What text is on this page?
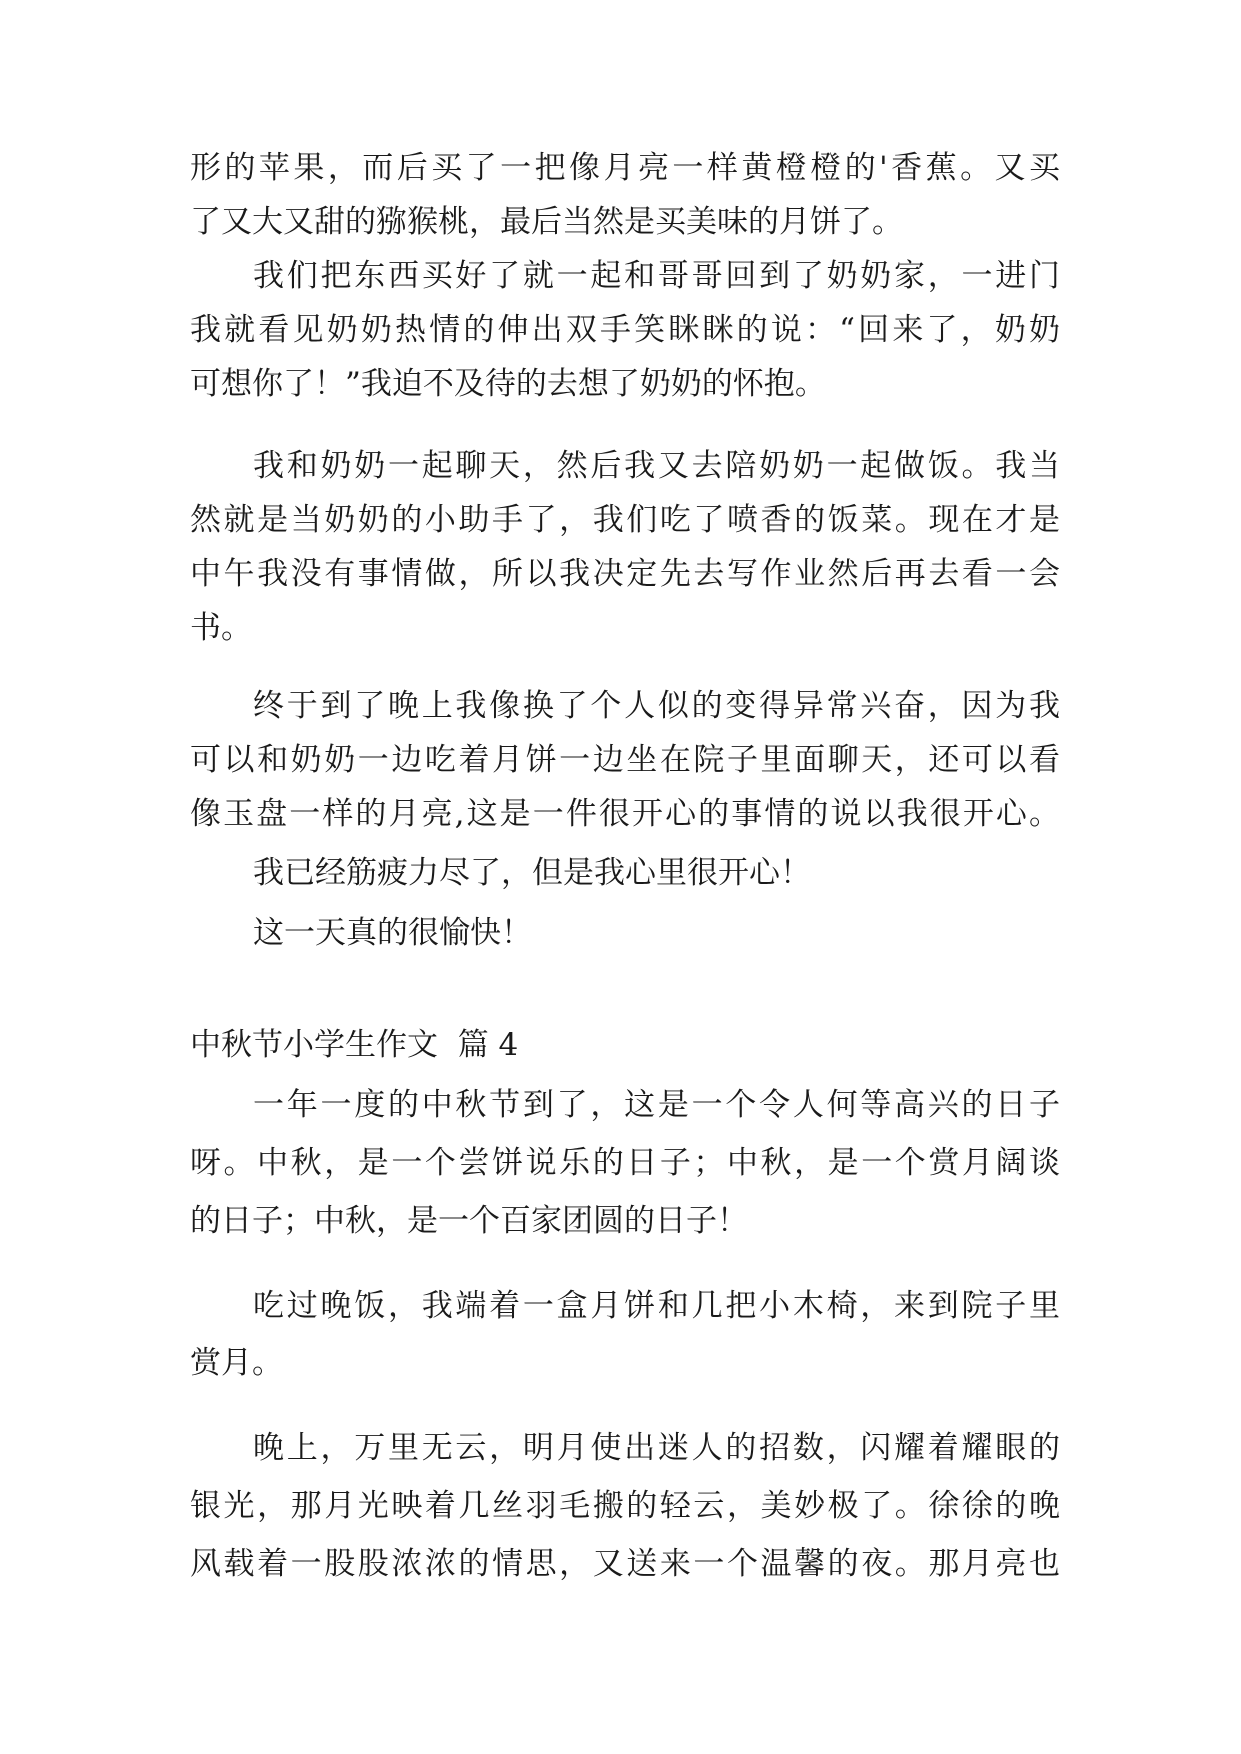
形的苹果，而后买了一把像月亮一样黄橙橙的'香蕉。又买
了又大又甜的猕猴桃，最后当然是买美味的月饼了。
我们把东西买好了就一起和哥哥回到了奶奶家，一进门
我就看见奶奶热情的伸出双手笑眯眯的说：“回来了，奶奶
可想你了！”我迫不及待的去想了奶奶的怀抱。
我和奶奶一起聊天，然后我又去陪奶奶一起做饭。我当
然就是当奶奶的小助手了，我们吃了喷香的饭菜。现在才是
中午我没有事情做，所以我决定先去写作业然后再去看一会
书。
终于到了晚上我像换了个人似的变得异常兴奋，因为我
可以和奶奶一边吃着月饼一边坐在院子里面聊天，还可以看
像玉盘一样的月亮,这是一件很开心的事情的说以我很开心。
我已经筋疲力尽了，但是我心里很开心！
这一天真的很愉快！
中秋节小学生作文  篇 4
一年一度的中秋节到了，这是一个令人何等高兴的日子
呀。中秋，是一个尝饼说乐的日子；中秋，是一个赏月阔谈
的日子；中秋，是一个百家团圆的日子！
吃过晚饭，我端着一盒月饼和几把小木椅，来到院子里
赏月。
晚上，万里无云，明月使出迷人的招数，闪耀着耀眼的
银光，那月光映着几丝羽毛搬的轻云，美妙极了。徐徐的晚
风载着一股股浓浓的情思，又送来一个温馨的夜。那月亮也
